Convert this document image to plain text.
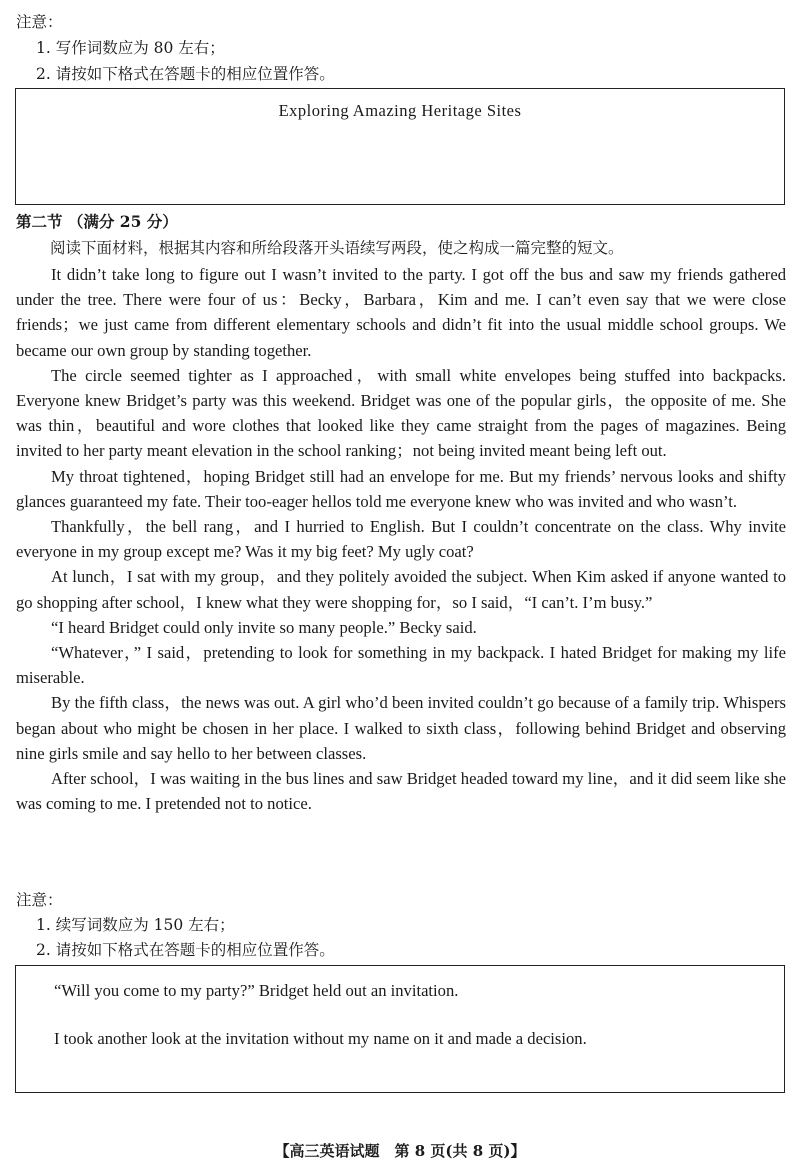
注意：
1. 写作词数应为 80 左右；
2. 请按如下格式在答题卡的相应位置作答。
Exploring Amazing Heritage Sites
第二节 （满分 25 分）
阅读下面材料，根据其内容和所给段落开头语续写两段，使之构成一篇完整的短文。

It didn’t take long to figure out I wasn’t invited to the party. I got off the bus and saw my friends gathered under the tree. There were four of us：Becky，Barbara，Kim and me. I can’t even say that we were close friends；we just came from different elementary schools and didn’t fit into the usual middle school groups. We became our own group by standing together.

The circle seemed tighter as I approached，with small white envelopes being stuffed into backpacks. Everyone knew Bridget’s party was this weekend. Bridget was one of the popular girls，the opposite of me. She was thin，beautiful and wore clothes that looked like they came straight from the pages of magazines. Being invited to her party meant elevation in the school ranking；not being invited meant being left out.

My throat tightened，hoping Bridget still had an envelope for me. But my friends’ nervous looks and shifty glances guaranteed my fate. Their too-eager hellos told me everyone knew who was invited and who wasn’t.

Thankfully，the bell rang，and I hurried to English. But I couldn’t concentrate on the class. Why invite everyone in my group except me? Was it my big feet? My ugly coat?

At lunch，I sat with my group，and they politely avoided the subject. When Kim asked if anyone wanted to go shopping after school，I knew what they were shopping for，so I said，“I can’t. I’m busy.”

“I heard Bridget could only invite so many people.” Becky said.

“Whatever，” I said，pretending to look for something in my backpack. I hated Bridget for making my life miserable.

By the fifth class，the news was out. A girl who’d been invited couldn’t go because of a family trip. Whispers began about who might be chosen in her place. I walked to sixth class，following behind Bridget and observing nine girls smile and say hello to her between classes.

After school，I was waiting in the bus lines and saw Bridget headed toward my line，and it did seem like she was coming to me. I pretended not to notice.

注意：
1. 续写词数应为 150 左右；
2. 请按如下格式在答题卡的相应位置作答。
“Will you come to my party?” Bridget held out an invitation.
I took another look at the invitation without my name on it and made a decision.
【高三英语试题　第 8 页(共 8 页)】
